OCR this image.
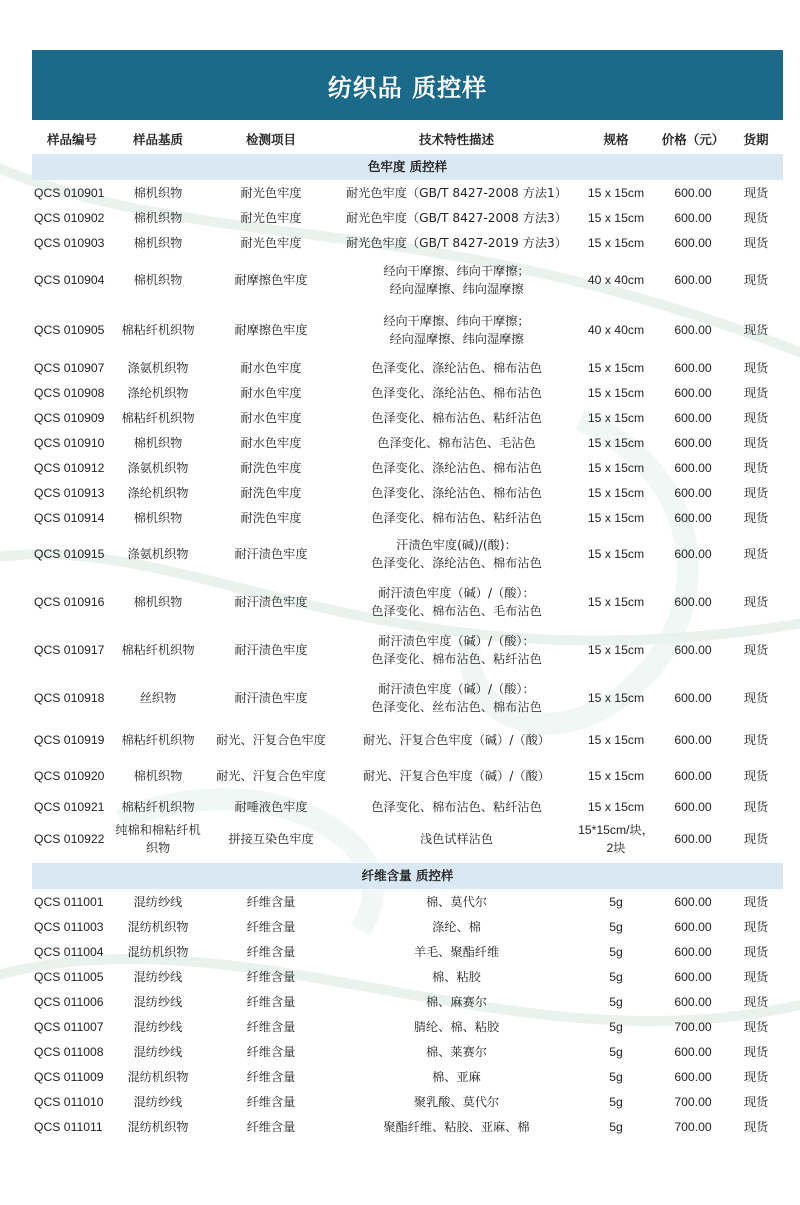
纺织品 质控样
样品编号	样品基质	检测项目	技术特性描述	规格	价格（元）	货期
色牢度 质控样						
QCS 010901	棉机织物	耐光色牢度	耐光色牢度（GB/T 8427-2008 方法1）	15 x 15cm	600.00	现货
QCS 010902	棉机织物	耐光色牢度	耐光色牢度（GB/T 8427-2008 方法3）	15 x 15cm	600.00	现货
QCS 010903	棉机织物	耐光色牢度	耐光色牢度（GB/T 8427-2019 方法3）	15 x 15cm	600.00	现货
QCS 010904	棉机织物	耐摩擦色牢度	经向干摩擦、纬向干摩擦；
经向湿摩擦、纬向湿摩擦	40 x 40cm	600.00	现货
QCS 010905	棉粘纤机织物	耐摩擦色牢度	经向干摩擦、纬向干摩擦；
经向湿摩擦、纬向湿摩擦	40 x 40cm	600.00	现货
QCS 010907	涤氨机织物	耐水色牢度	色泽变化、涤纶沾色、棉布沾色	15 x 15cm	600.00	现货
QCS 010908	涤纶机织物	耐水色牢度	色泽变化、涤纶沾色、棉布沾色	15 x 15cm	600.00	现货
QCS 010909	棉粘纤机织物	耐水色牢度	色泽变化、棉布沾色、粘纤沾色	15 x 15cm	600.00	现货
QCS 010910	棉机织物	耐水色牢度	色泽变化、棉布沾色、毛沾色	15 x 15cm	600.00	现货
QCS 010912	涤氨机织物	耐洗色牢度	色泽变化、涤纶沾色、棉布沾色	15 x 15cm	600.00	现货
QCS 010913	涤纶机织物	耐洗色牢度	色泽变化、涤纶沾色、棉布沾色	15 x 15cm	600.00	现货
QCS 010914	棉机织物	耐洗色牢度	色泽变化、棉布沾色、粘纤沾色	15 x 15cm	600.00	现货
QCS 010915	涤氨机织物	耐汗渍色牢度	汗渍色牢度(碱)/(酸)：
色泽变化、涤纶沾色、棉布沾色	15 x 15cm	600.00	现货
QCS 010916	棉机织物	耐汗渍色牢度	耐汗渍色牢度（碱）/（酸）：
色泽变化、棉布沾色、毛布沾色	15 x 15cm	600.00	现货
QCS 010917	棉粘纤机织物	耐汗渍色牢度	耐汗渍色牢度（碱）/（酸）：
色泽变化、棉布沾色、粘纤沾色	15 x 15cm	600.00	现货
QCS 010918	丝织物	耐汗渍色牢度	耐汗渍色牢度（碱）/（酸）：
色泽变化、丝布沾色、棉布沾色	15 x 15cm	600.00	现货
QCS 010919	棉粘纤机织物	耐光、汗复合色牢度	耐光、汗复合色牢度（碱）/（酸）	15 x 15cm	600.00	现货
QCS 010920	棉机织物	耐光、汗复合色牢度	耐光、汗复合色牢度（碱）/（酸）	15 x 15cm	600.00	现货
QCS 010921	棉粘纤机织物	耐唾液色牢度	色泽变化、棉布沾色、粘纤沾色	15 x 15cm	600.00	现货
QCS 010922	纯棉和棉粘纤机织物	拼接互染色牢度	浅色试样沾色	15*15cm/块，2块	600.00	现货

纤维含量 质控样						
QCS 011001	混纺纱线	纤维含量	棉、莫代尔	5g	600.00	现货
QCS 011003	混纺机织物	纤维含量	涤纶、棉	5g	600.00	现货
QCS 011004	混纺机织物	纤维含量	羊毛、聚酯纤维	5g	600.00	现货
QCS 011005	混纺纱线	纤维含量	棉、粘胶	5g	600.00	现货
QCS 011006	混纺纱线	纤维含量	棉、麻赛尔	5g	600.00	现货
QCS 011007	混纺纱线	纤维含量	腈纶、棉、粘胶	5g	700.00	现货
QCS 011008	混纺纱线	纤维含量	棉、莱赛尔	5g	600.00	现货
QCS 011009	混纺机织物	纤维含量	棉、亚麻	5g	600.00	现货
QCS 011010	混纺纱线	纤维含量	聚乳酸、莫代尔	5g	700.00	现货
QCS 011011	混纺机织物	纤维含量	聚酯纤维、粘胶、亚麻、棉	5g	700.00	现货
